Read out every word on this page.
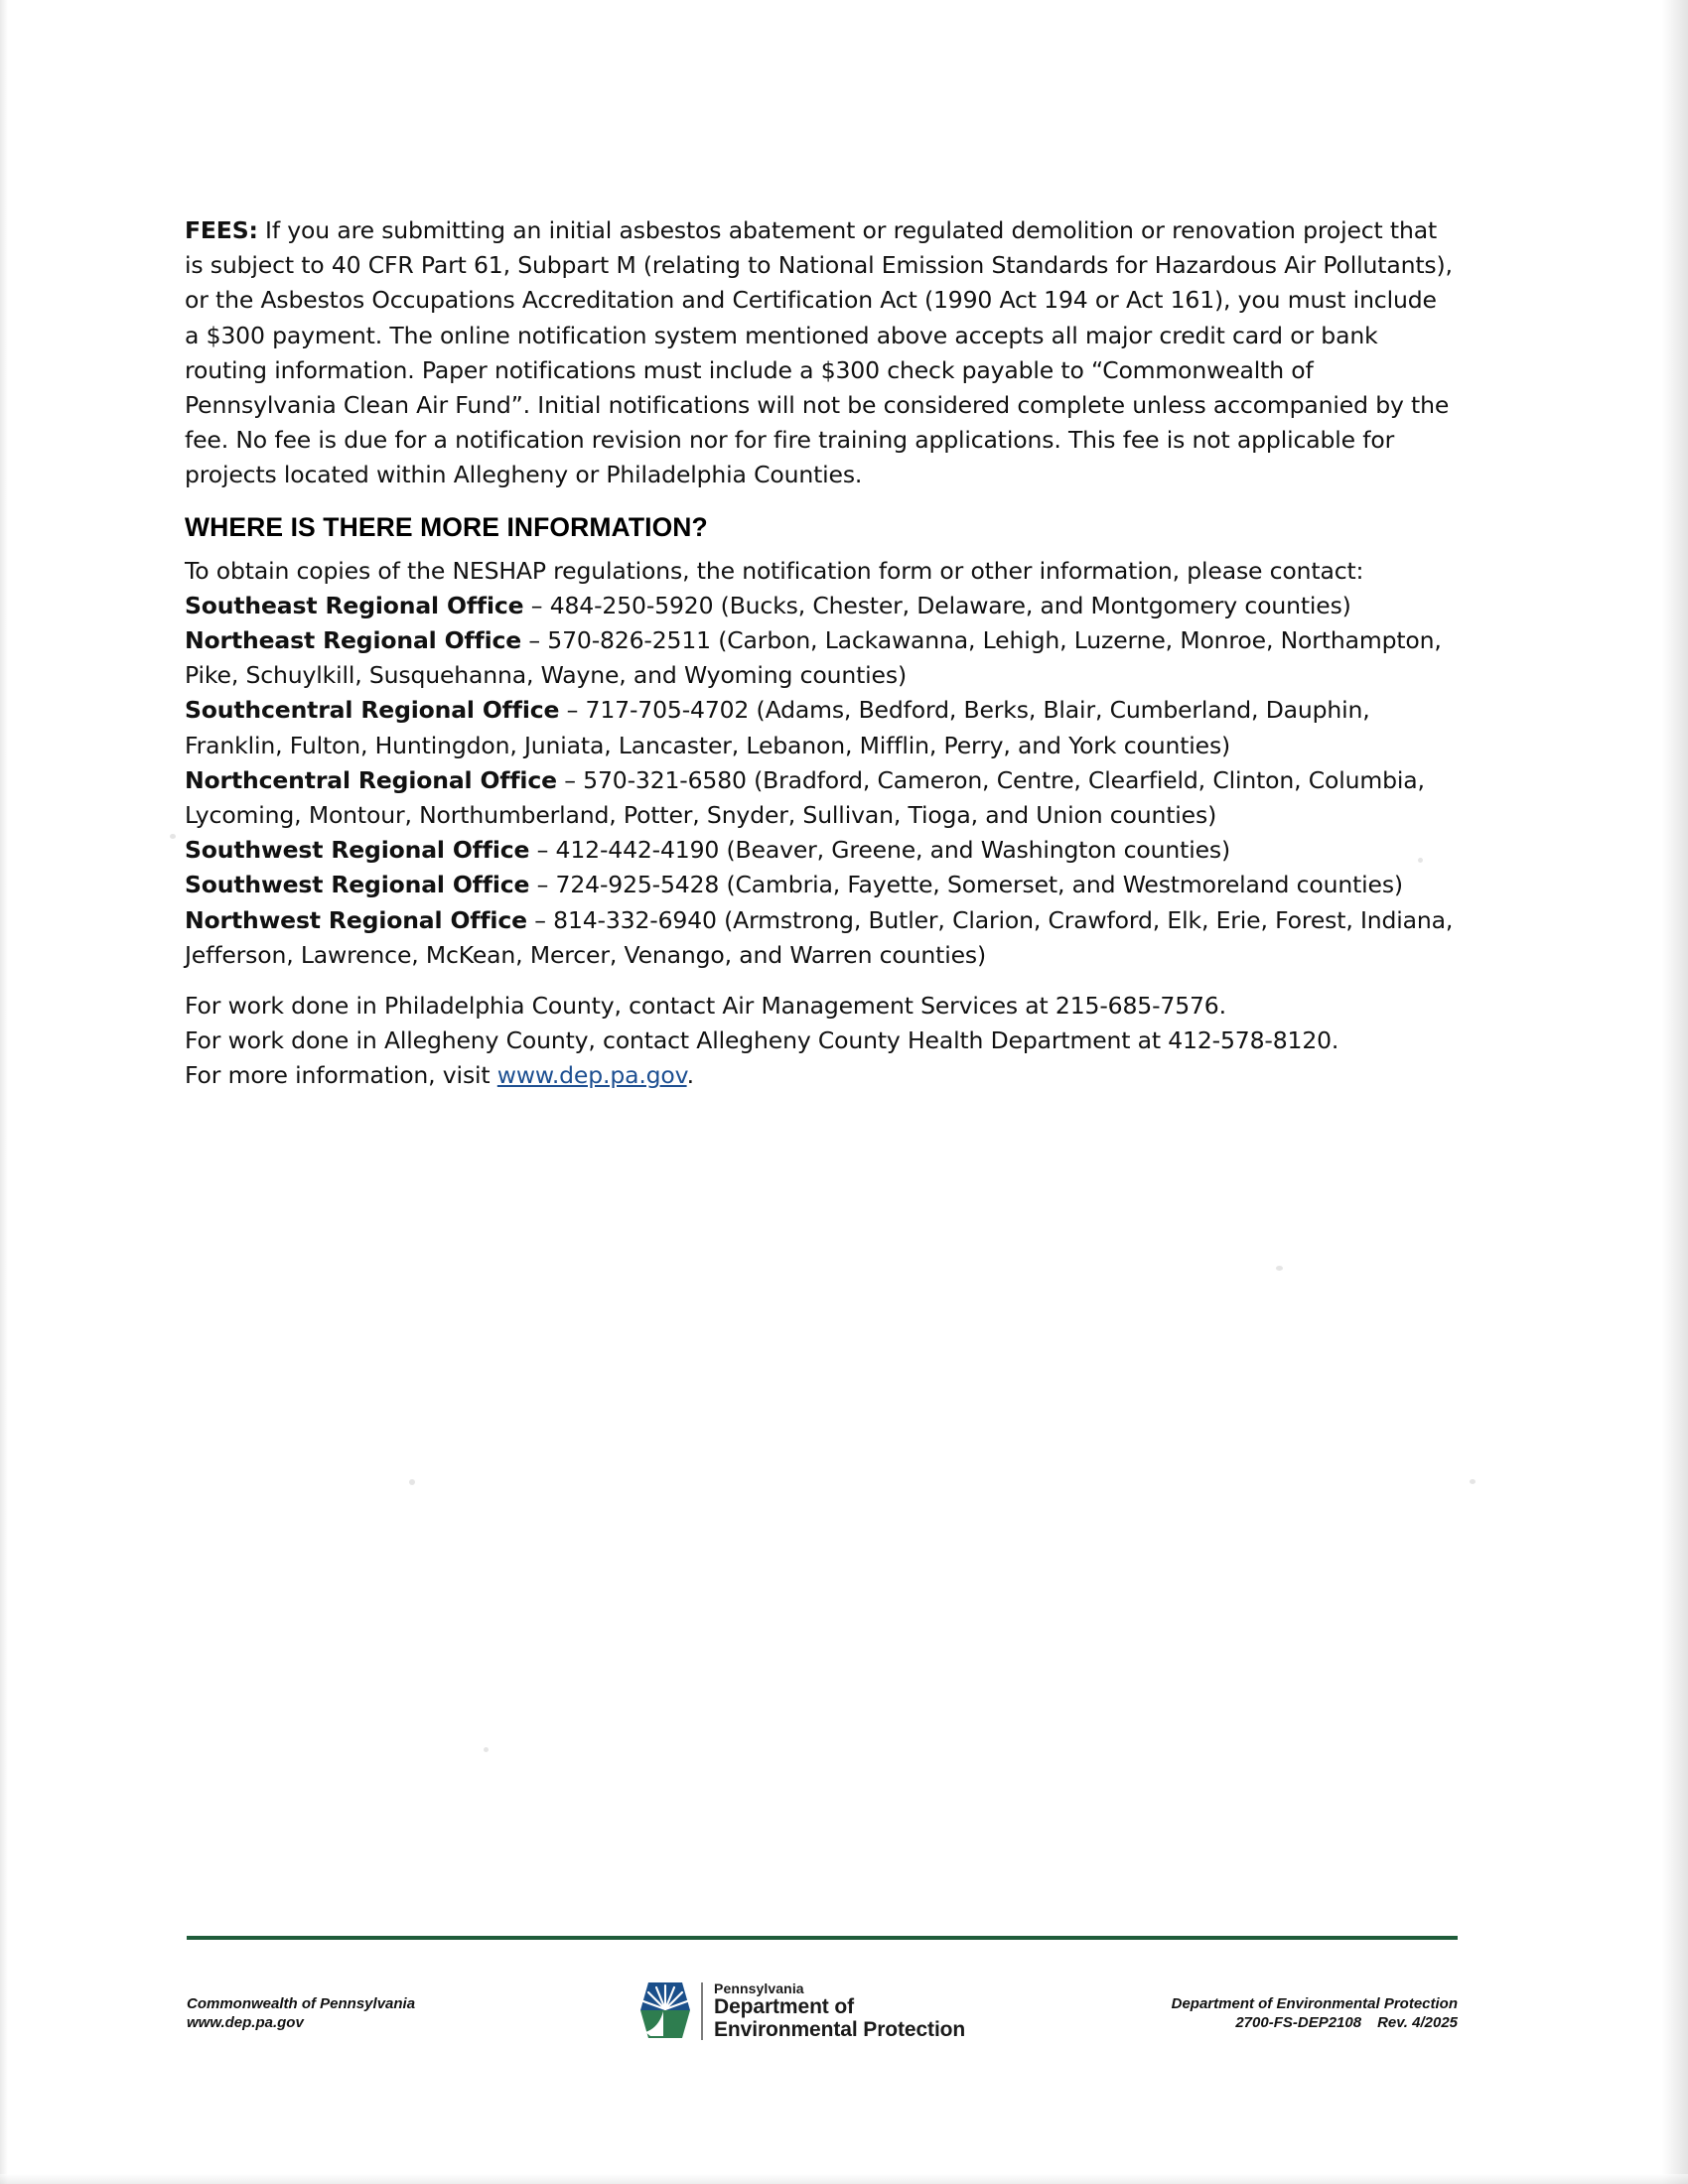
FEES: If you are submitting an initial asbestos abatement or regulated demolition or renovation project that is subject to 40 CFR Part 61, Subpart M (relating to National Emission Standards for Hazardous Air Pollutants), or the Asbestos Occupations Accreditation and Certification Act (1990 Act 194 or Act 161), you must include a $300 payment. The online notification system mentioned above accepts all major credit card or bank routing information. Paper notifications must include a $300 check payable to “Commonwealth of Pennsylvania Clean Air Fund”. Initial notifications will not be considered complete unless accompanied by the fee. No fee is due for a notification revision nor for fire training applications. This fee is not applicable for projects located within Allegheny or Philadelphia Counties.

WHERE IS THERE MORE INFORMATION?

To obtain copies of the NESHAP regulations, the notification form or other information, please contact:

Southeast Regional Office – 484-250-5920 (Bucks, Chester, Delaware, and Montgomery counties)

Northeast Regional Office – 570-826-2511 (Carbon, Lackawanna, Lehigh, Luzerne, Monroe, Northampton, Pike, Schuylkill, Susquehanna, Wayne, and Wyoming counties)

Southcentral Regional Office – 717-705-4702 (Adams, Bedford, Berks, Blair, Cumberland, Dauphin, Franklin, Fulton, Huntingdon, Juniata, Lancaster, Lebanon, Mifflin, Perry, and York counties)

Northcentral Regional Office – 570-321-6580 (Bradford, Cameron, Centre, Clearfield, Clinton, Columbia, Lycoming, Montour, Northumberland, Potter, Snyder, Sullivan, Tioga, and Union counties)

Southwest Regional Office – 412-442-4190 (Beaver, Greene, and Washington counties)

Southwest Regional Office – 724-925-5428 (Cambria, Fayette, Somerset, and Westmoreland counties)

Northwest Regional Office – 814-332-6940 (Armstrong, Butler, Clarion, Crawford, Elk, Erie, Forest, Indiana, Jefferson, Lawrence, McKean, Mercer, Venango, and Warren counties)

For work done in Philadelphia County, contact Air Management Services at 215-685-7576.

For work done in Allegheny County, contact Allegheny County Health Department at 412-578-8120.

For more information, visit www.dep.pa.gov.

Commonwealth of Pennsylvania
www.dep.pa.gov
Pennsylvania
Department of
Environmental Protection
Department of Environmental Protection
2700-FS-DEP2108 Rev. 4/2025
